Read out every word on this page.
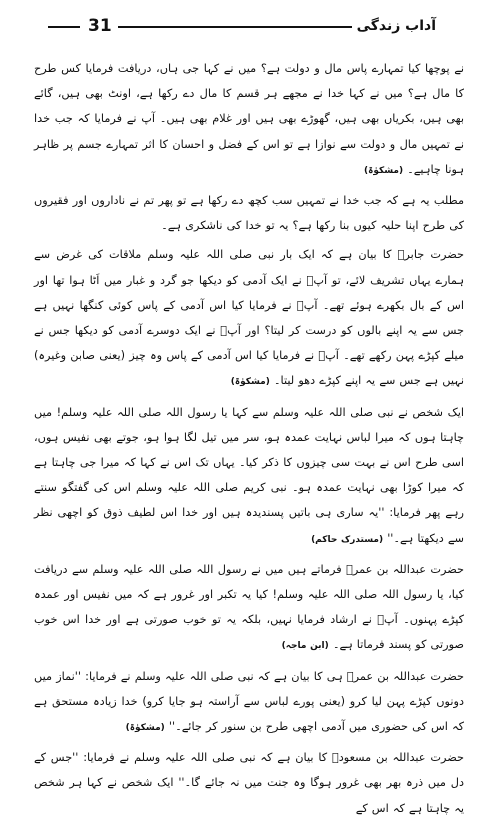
31	آداب زندگی

نے پوچھا کیا تمہارے پاس مال و دولت ہے؟ میں نے کہا جی ہاں، دریافت فرمایا کس طرح کا مال ہے؟ میں نے کہا خدا نے مجھے ہر قسم کا مال دے رکھا ہے، اونٹ بھی ہیں، گائے بھی ہیں، بکریاں بھی ہیں، گھوڑے بھی ہیں اور غلام بھی ہیں۔ آپ نے فرمایا کہ جب خدا نے تمہیں مال و دولت سے نوازا ہے تو اس کے فضل و احسان کا اثر تمہارے جسم پر ظاہر ہونا چاہیے۔ (مشکوٰۃ)

مطلب یہ ہے کہ جب خدا نے تمہیں سب کچھ دے رکھا ہے تو پھر تم نے ناداروں اور فقیروں کی طرح اپنا حلیہ کیوں بنا رکھا ہے؟ یہ تو خدا کی ناشکری ہے۔

حضرت جابرؓ کا بیان ہے کہ ایک بار نبی صلی اللہ علیہ وسلم ملاقات کی غرض سے ہمارے یہاں تشریف لائے، تو آپؐ نے ایک آدمی کو دیکھا جو گرد و غبار میں اَٹا ہوا تھا اور اس کے بال بکھرے ہوئے تھے۔ آپؐ نے فرمایا کیا اس آدمی کے پاس کوئی کنگھا نہیں ہے جس سے یہ اپنے بالوں کو درست کر لیتا؟ اور آپؐ نے ایک دوسرے آدمی کو دیکھا جس نے میلے کپڑے پہن رکھے تھے۔ آپؐ نے فرمایا کیا اس آدمی کے پاس وہ چیز (یعنی صابن وغیرہ) نہیں ہے جس سے یہ اپنے کپڑے دھو لیتا۔ (مشکوٰۃ)

ایک شخص نے نبی صلی اللہ علیہ وسلم سے کہا یا رسول اللہ صلی اللہ علیہ وسلم! میں چاہتا ہوں کہ میرا لباس نہایت عمدہ ہو، سر میں تیل لگا ہوا ہو، جوتے بھی نفیس ہوں، اسی طرح اس نے بہت سی چیزوں کا ذکر کیا۔ یہاں تک اس نے کہا کہ میرا جی چاہتا ہے کہ میرا کوڑا بھی نہایت عمدہ ہو۔ نبی کریم صلی اللہ علیہ وسلم اس کی گفتگو سنتے رہے پھر فرمایا: ''یہ ساری ہی باتیں پسندیدہ ہیں اور خدا اس لطیف ذوق کو اچھی نظر سے دیکھتا ہے۔'' (مستدرک حاکم)

حضرت عبداللہ بن عمرؓ فرماتے ہیں میں نے رسول اللہ صلی اللہ علیہ وسلم سے دریافت کیا، یا رسول اللہ صلی اللہ علیہ وسلم! کیا یہ تکبر اور غرور ہے کہ میں نفیس اور عمدہ کپڑے پہنوں۔ آپؐ نے ارشاد فرمایا نہیں، بلکہ یہ تو خوب صورتی ہے اور خدا اس خوب صورتی کو پسند فرماتا ہے۔ (ابن ماجہ)

حضرت عبداللہ بن عمرؓ ہی کا بیان ہے کہ نبی صلی اللہ علیہ وسلم نے فرمایا: ''نماز میں دونوں کپڑے پہن لیا کرو (یعنی پورے لباس سے آراستہ ہو جایا کرو) خدا زیادہ مستحق ہے کہ اس کی حضوری میں آدمی اچھی طرح بن سنور کر جائے۔'' (مشکوٰۃ)

حضرت عبداللہ بن مسعودؓ کا بیان ہے کہ نبی صلی اللہ علیہ وسلم نے فرمایا: ''جس کے دل میں ذرہ بھر بھی غرور ہوگا وہ جنت میں نہ جائے گا۔'' ایک شخص نے کہا ہر شخص یہ چاہتا ہے کہ اس کے
